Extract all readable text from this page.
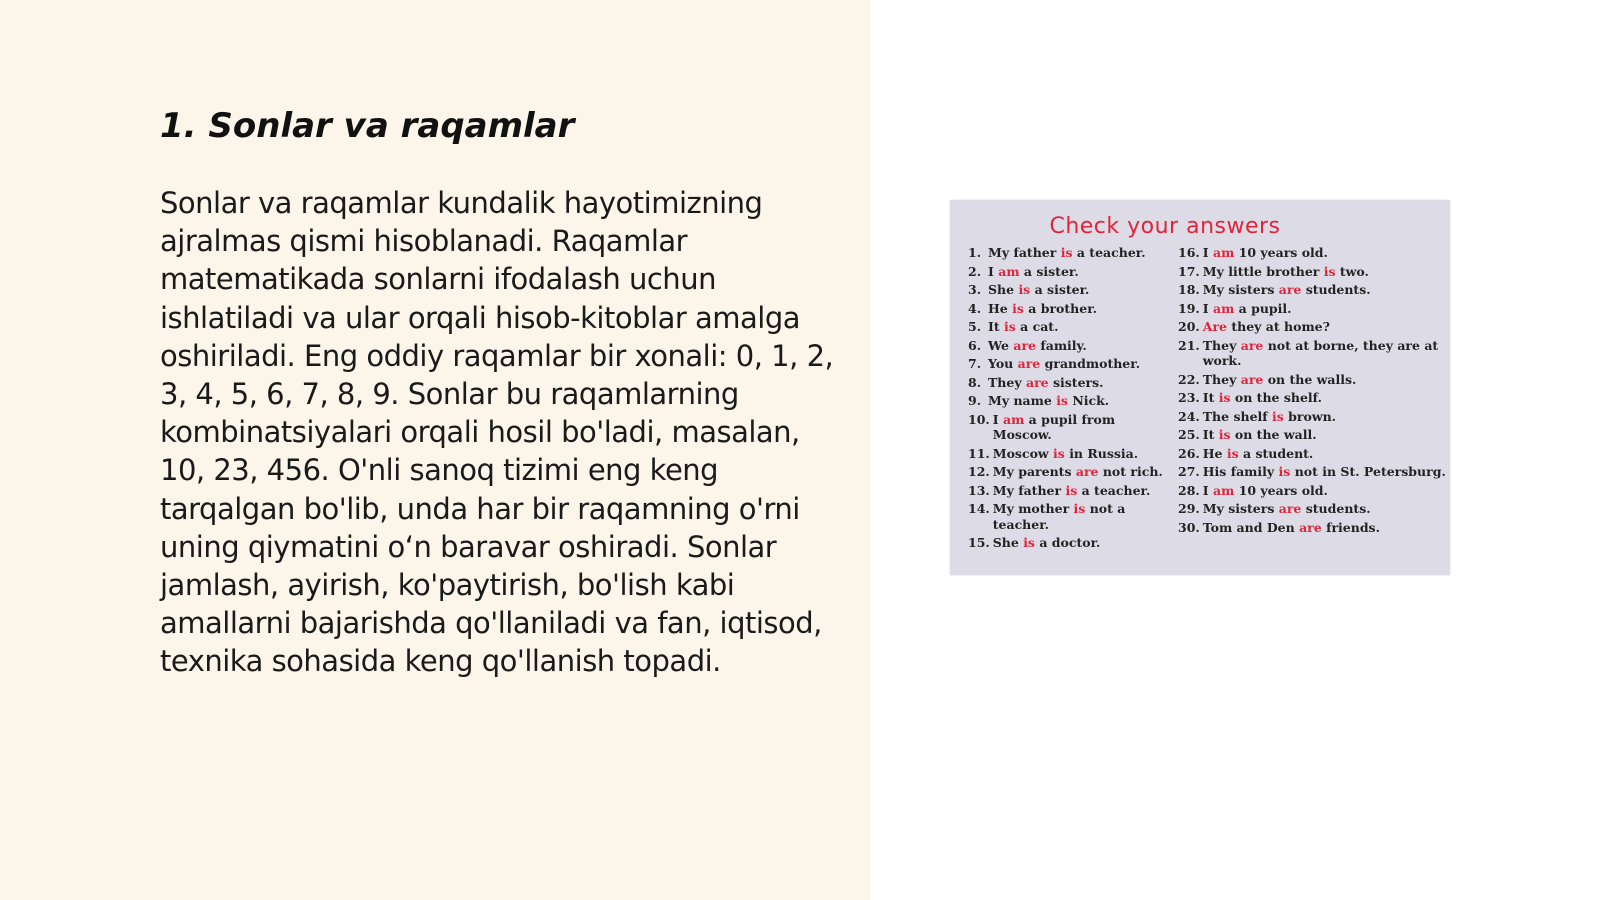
1. Sonlar va raqamlar

Sonlar va raqamlar kundalik hayotimizning ajralmas qismi hisoblanadi. Raqamlar matematikada sonlarni ifodalash uchun ishlatiladi va ular orqali hisob-kitoblar amalga oshiriladi. Eng oddiy raqamlar bir xonali: 0, 1, 2, 3, 4, 5, 6, 7, 8, 9. Sonlar bu raqamlarning kombinatsiyalari orqali hosil bo'ladi, masalan, 10, 23, 456. O'nli sanoq tizimi eng keng tarqalgan bo'lib, unda har bir raqamning o'rni uning qiymatini o‘n baravar oshiradi. Sonlar jamlash, ayirish, ko'paytirish, bo'lish kabi amallarni bajarishda qo'llaniladi va fan, iqtisod, texnika sohasida keng qo'llanish topadi.

Check your answers
1. My father is a teacher.
2. I am a sister.
3. She is a sister.
4. He is a brother.
5. It is a cat.
6. We are family.
7. You are grandmother.
8. They are sisters.
9. My name is Nick.
10. I am a pupil from Moscow.
11. Moscow is in Russia.
12. My parents are not rich.
13. My father is a teacher.
14. My mother is not a teacher.
15. She is a doctor.
16. I am 10 years old.
17. My little brother is two.
18. My sisters are students.
19. I am a pupil.
20. Are they at home?
21. They are not at borne, they are at work.
22. They are on the walls.
23. It is on the shelf.
24. The shelf is brown.
25. It is on the wall.
26. He is a student.
27. His family is not in St. Petersburg.
28. I am 10 years old.
29. My sisters are students.
30. Tom and Den are friends.
